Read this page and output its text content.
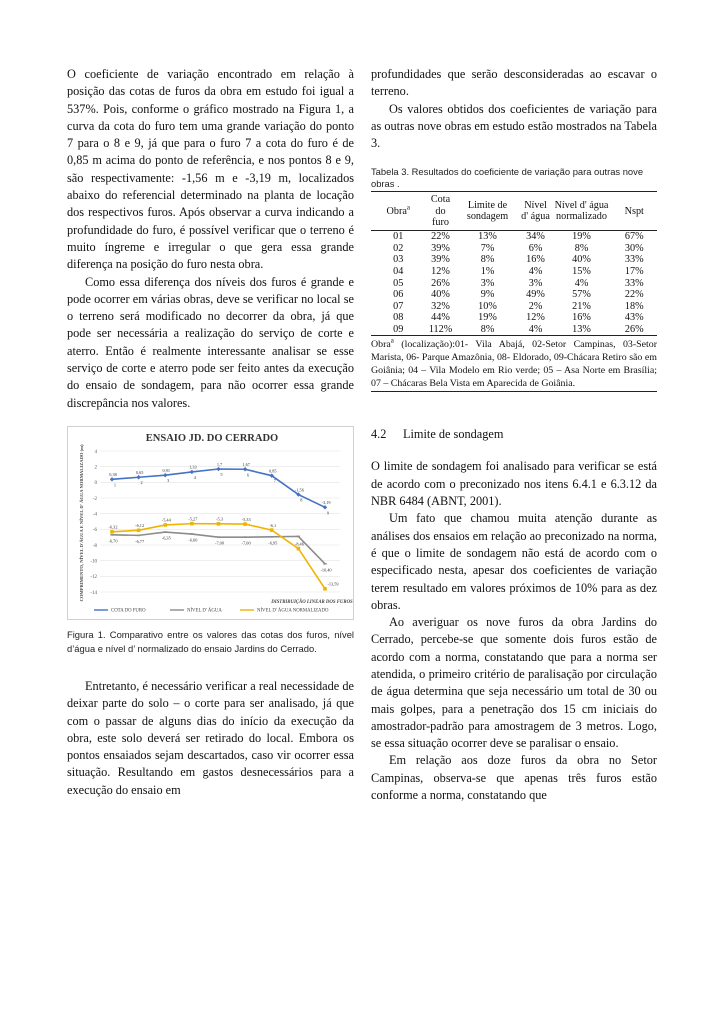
O coeficiente de variação encontrado em relação à posição das cotas de furos da obra em estudo foi igual a 537%. Pois, conforme o gráfico mostrado na Figura 1, a curva da cota do furo tem uma grande variação do ponto 7 para o 8 e 9, já que para o furo 7 a cota do furo é de 0,85 m acima do ponto de referência, e nos pontos 8 e 9, são respectivamente: -1,56 m e -3,19 m, localizados abaixo do referencial determinado na planta de locação dos respectivos furos. Após observar a curva indicando a profundidade do furo, é possível verificar que o terreno é muito íngreme e irregular o que gera essa grande diferença na posição do furo nesta obra.

Como essa diferença dos níveis dos furos é grande e pode ocorrer em várias obras, deve se verificar no local se o terreno será modificado no decorrer da obra, já que pode ser necessária a realização do serviço de corte e aterro. Então é realmente interessante analisar se esse serviço de corte e aterro pode ser feito antes da execução do ensaio de sondagem, para não ocorrer essa grande discrepância nos valores.

ENSAIO JD. DO CERRADO
COMPRIMENTO, NÍVEL D'ÁGUA E NÍVEL D' ÁGUA NORMALIZADO (m)
DISTRIBUIÇÃO LINEAR DOS FUROS
4
2
0
-2
-4
-6
-8
-10
-12
-14
0,38
1
0,65
2
0,91
3
1,33
4
1,7
5
1,67
6
0,85
7
-1,56
8
-3,19
9
-6,70	-6,77
-6,35	-6,60
-7,00	-7,00	-6,95
-10,40
-6,32	-6,12
-5,44	-5,27	-5,3	-5,33
-6,1
-8,46
-13,59
COTA DO FURO	NÍVEL D' ÁGUA	NÍVEL D' ÁGUA NORMALIZADO
Figura 1. Comparativo entre os valores das cotas dos furos, nível d’água e nível d’ normalizado do ensaio Jardins do Cerrado.

Entretanto, é necessário verificar a real necessidade de deixar parte do solo – o corte para ser analisado, já que com o passar de alguns dias do início da execução da obra, este solo deverá ser retirado do local. Embora os pontos ensaiados sejam descartados, caso vir ocorrer essa situação. Resultando em gastos desnecessários para a execução do ensaio em

profundidades que serão desconsideradas ao escavar o terreno.

Os valores obtidos dos coeficientes de variação para as outras nove obras em estudo estão mostrados na Tabela 3.

Tabela 3. Resultados do coeficiente de variação para outras nove obras .
Obra$^a$	Cota do furo	Limite de sondagem	Nível d' água	Nível d' água normalizado	Nspt
01	22%	13%	34%	19%	67%
02	39%	7%	6%	8%	30%
03	39%	8%	16%	40%	33%
04	12%	1%	4%	15%	17%
05	26%	3%	3%	4%	33%
06	40%	9%	49%	57%	22%
07	32%	10%	2%	21%	18%
08	44%	19%	12%	16%	43%
09	112%	8%	4%	13%	26%
Obra$^a$ (localização):01- Vila Abajá, 02-Setor Campinas, 03-Setor Marista, 06- Parque Amazônia, 08- Eldorado, 09-Chácara Retiro são em Goiânia; 04 – Vila Modelo em Rio verde; 05 – Asa Norte em Brasília; 07 – Chácaras Bela Vista em Aparecida de Goiânia.
4.2 Limite de sondagem

O limite de sondagem foi analisado para verificar se está de acordo com o preconizado nos itens 6.4.1 e 6.3.12 da NBR 6484 (ABNT, 2001).

Um fato que chamou muita atenção durante as análises dos ensaios em relação ao preconizado na norma, é que o limite de sondagem não está de acordo com o especificado nesta, apesar dos coeficientes de variação terem resultado em valores próximos de 10% para as dez obras.

Ao averiguar os nove furos da obra Jardins do Cerrado, percebe-se que somente dois furos estão de acordo com a norma, constatando que para a norma ser atendida, o primeiro critério de paralisação por circulação de água determina que seja necessário um total de 30 ou mais golpes, para a penetração dos 15 cm iniciais do amostrador-padrão para amostragem de 3 metros. Logo, se essa situação ocorrer deve se paralisar o ensaio.

Em relação aos doze furos da obra no Setor Campinas, observa-se que apenas três furos estão conforme a norma, constatando que
